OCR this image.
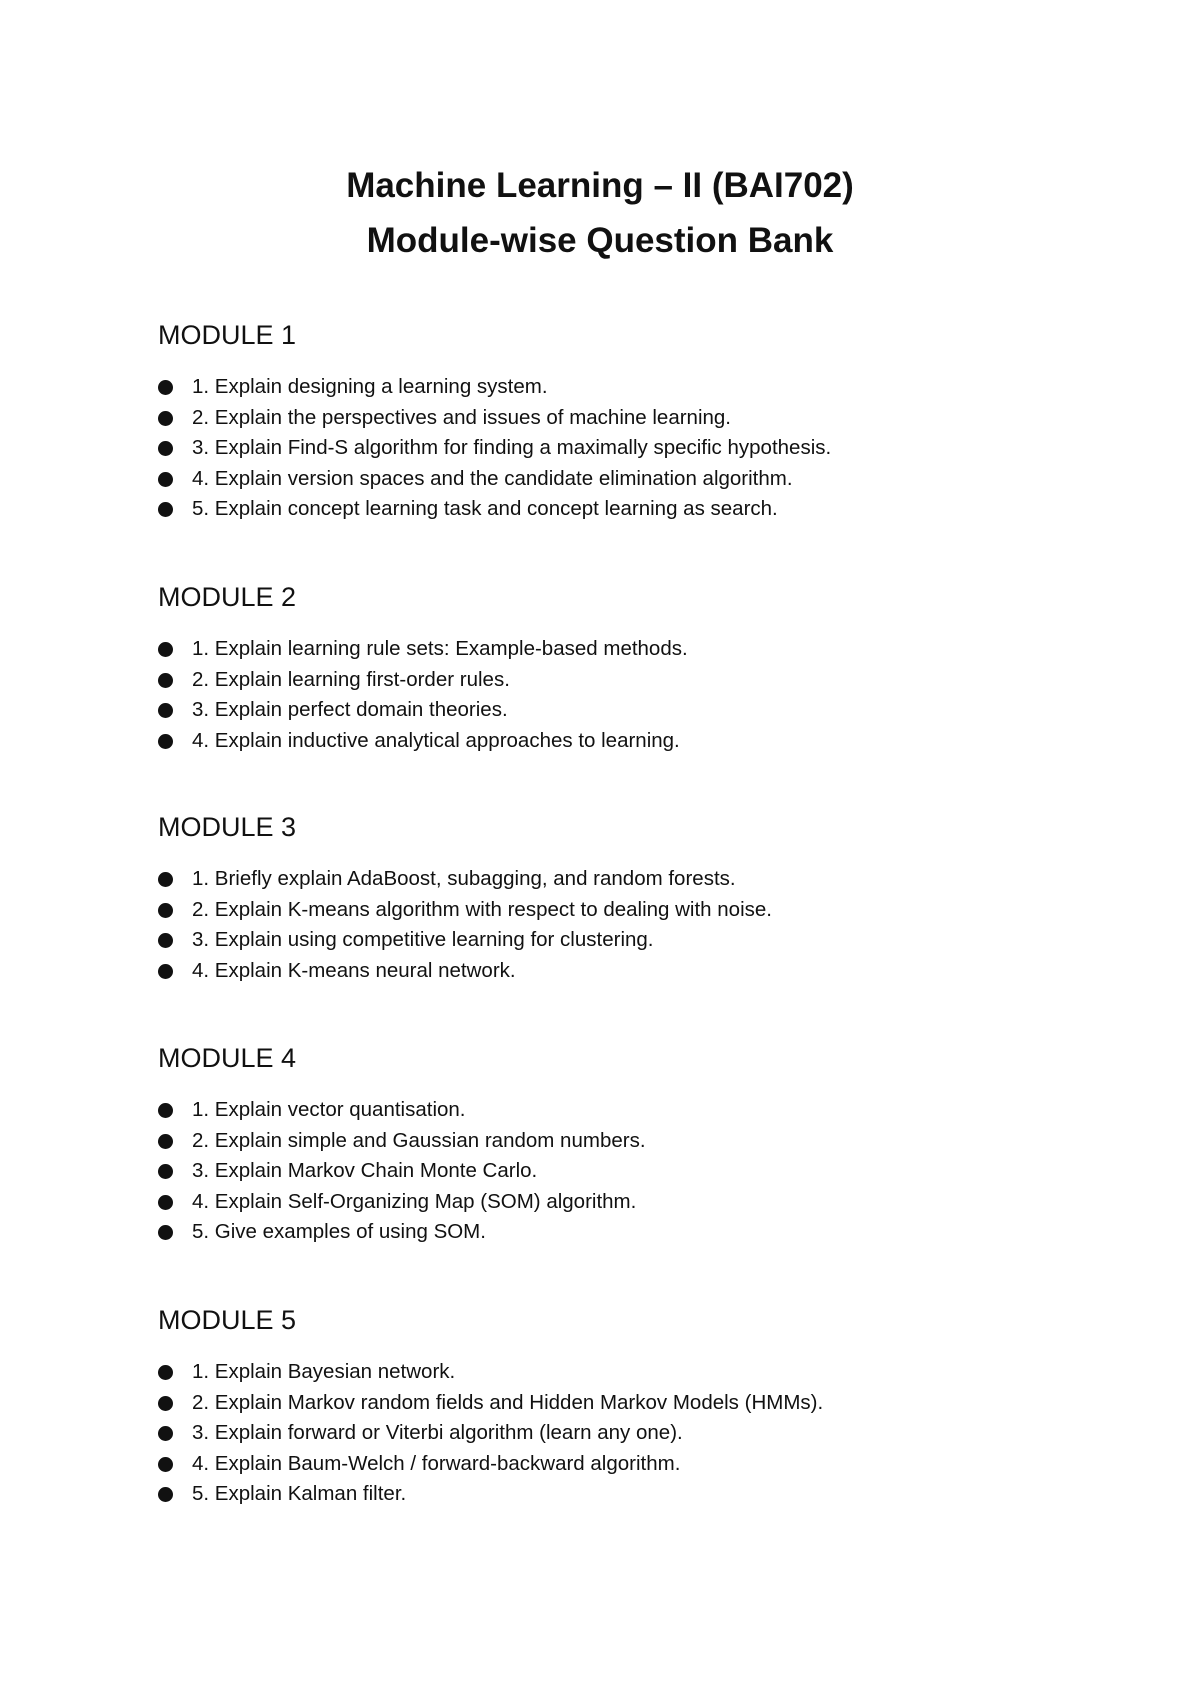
Machine Learning – II (BAI702)
Module-wise Question Bank
MODULE 1
1. Explain designing a learning system.
2. Explain the perspectives and issues of machine learning.
3. Explain Find-S algorithm for finding a maximally specific hypothesis.
4. Explain version spaces and the candidate elimination algorithm.
5. Explain concept learning task and concept learning as search.
MODULE 2
1. Explain learning rule sets: Example-based methods.
2. Explain learning first-order rules.
3. Explain perfect domain theories.
4. Explain inductive analytical approaches to learning.
MODULE 3
1. Briefly explain AdaBoost, subagging, and random forests.
2. Explain K-means algorithm with respect to dealing with noise.
3. Explain using competitive learning for clustering.
4. Explain K-means neural network.
MODULE 4
1. Explain vector quantisation.
2. Explain simple and Gaussian random numbers.
3. Explain Markov Chain Monte Carlo.
4. Explain Self-Organizing Map (SOM) algorithm.
5. Give examples of using SOM.
MODULE 5
1. Explain Bayesian network.
2. Explain Markov random fields and Hidden Markov Models (HMMs).
3. Explain forward or Viterbi algorithm (learn any one).
4. Explain Baum-Welch / forward-backward algorithm.
5. Explain Kalman filter.
